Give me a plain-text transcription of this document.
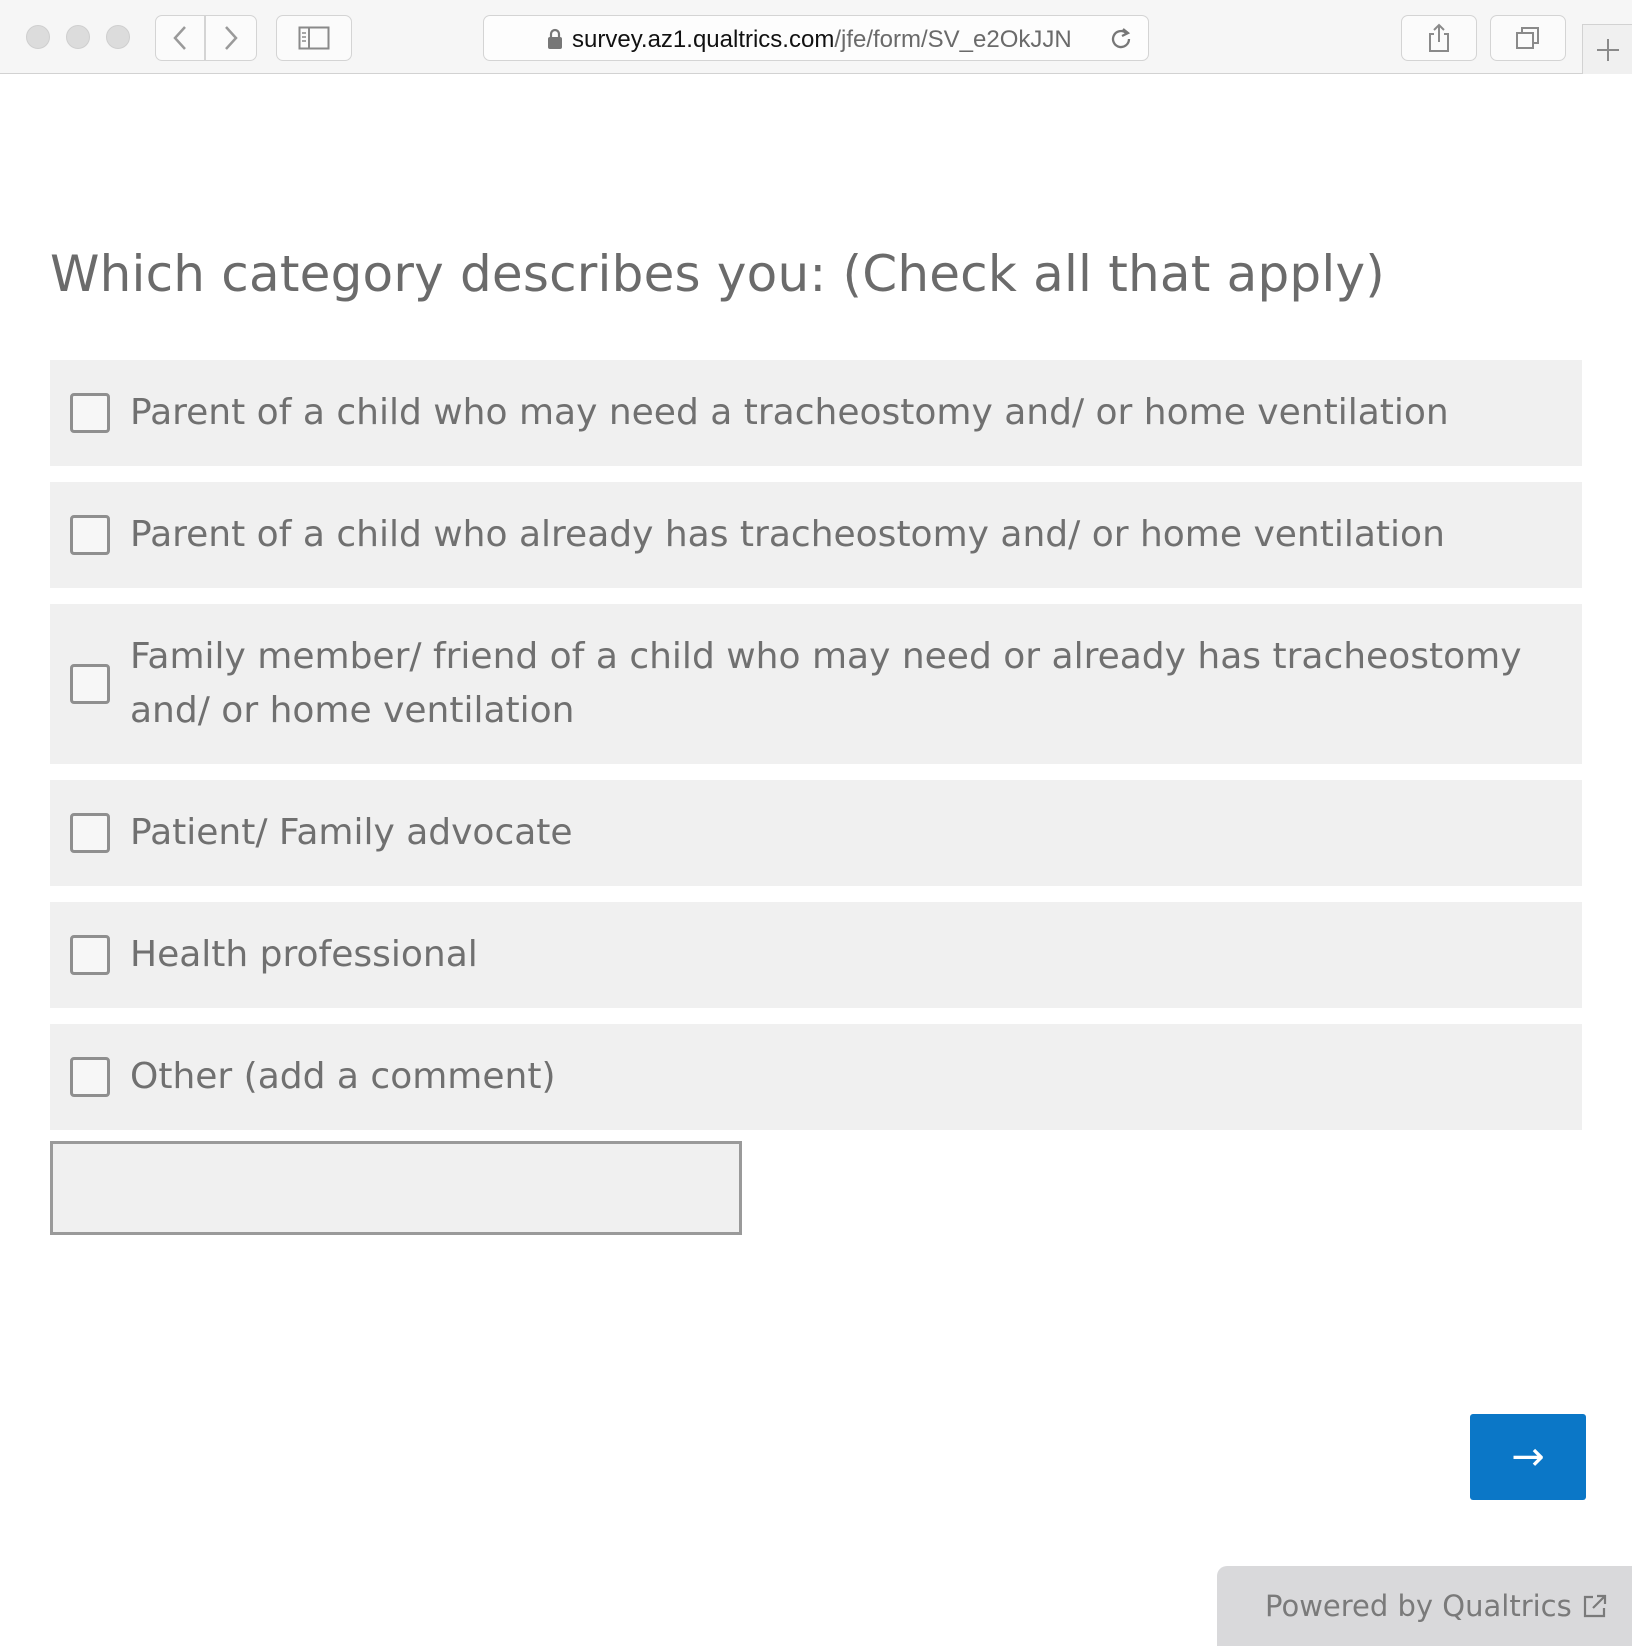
survey.az1.qualtrics.com/jfe/form/SV_e2OkJJN
Which category describes you: (Check all that apply)
Parent of a child who may need a tracheostomy and/ or home ventilation
Parent of a child who already has tracheostomy and/ or home ventilation
Family member/ friend of a child who may need or already has tracheostomy and/ or home ventilation
Patient/ Family advocate
Health professional
Other (add a comment)
→
Powered by Qualtrics
